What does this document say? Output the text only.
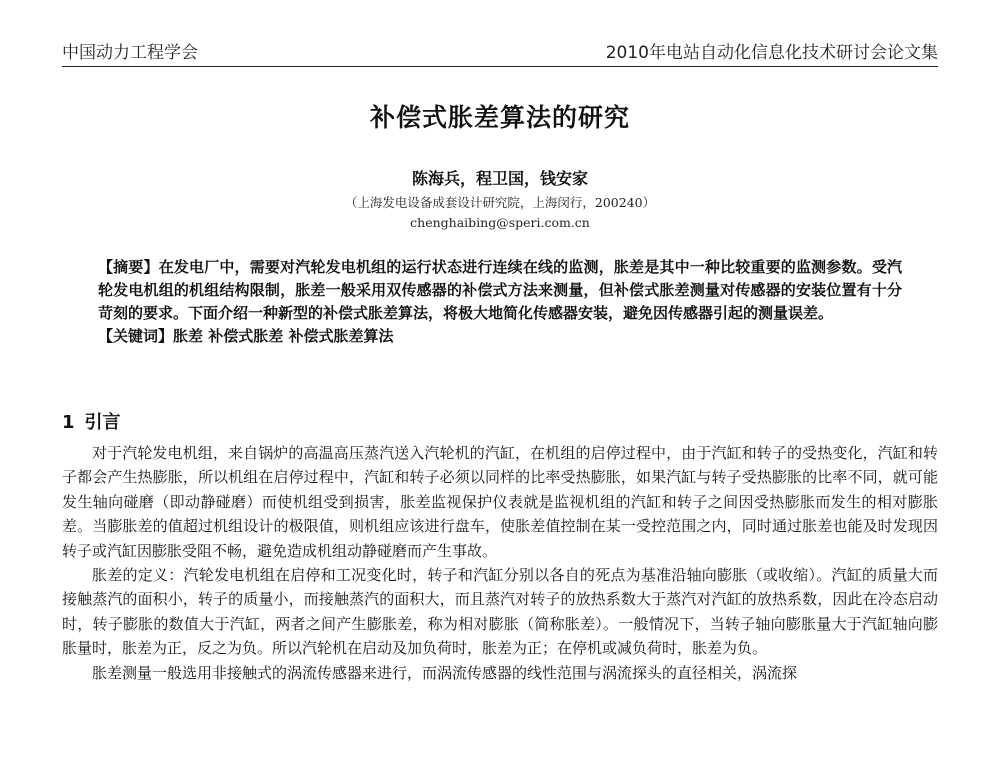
中国动力工程学会	2010年电站自动化信息化技术研讨会论文集
补偿式胀差算法的研究
陈海兵，程卫国，钱安家
（上海发电设备成套设计研究院，上海闵行，200240）
chenghaibing@speri.com.cn

【摘要】在发电厂中，需要对汽轮发电机组的运行状态进行连续在线的监测，胀差是其中一种比较重要的监测参数。受汽轮发电机组的机组结构限制，胀差一般采用双传感器的补偿式方法来测量，但补偿式胀差测量对传感器的安装位置有十分苛刻的要求。下面介绍一种新型的补偿式胀差算法，将极大地简化传感器安装，避免因传感器引起的测量误差。

【关键词】胀差 补偿式胀差 补偿式胀差算法

1 引言

对于汽轮发电机组，来自锅炉的高温高压蒸汽送入汽轮机的汽缸，在机组的启停过程中，由于汽缸和转子的受热变化，汽缸和转子都会产生热膨胀，所以机组在启停过程中，汽缸和转子必须以同样的比率受热膨胀，如果汽缸与转子受热膨胀的比率不同，就可能发生轴向碰磨（即动静碰磨）而使机组受到损害，胀差监视保护仪表就是监视机组的汽缸和转子之间因受热膨胀而发生的相对膨胀差。当膨胀差的值超过机组设计的极限值，则机组应该进行盘车，使胀差值控制在某一受控范围之内，同时通过胀差也能及时发现因转子或汽缸因膨胀受阻不畅，避免造成机组动静碰磨而产生事故。

胀差的定义：汽轮发电机组在启停和工况变化时，转子和汽缸分别以各自的死点为基准沿轴向膨胀（或收缩）。汽缸的质量大而接触蒸汽的面积小，转子的质量小，而接触蒸汽的面积大，而且蒸汽对转子的放热系数大于蒸汽对汽缸的放热系数，因此在冷态启动时，转子膨胀的数值大于汽缸，两者之间产生膨胀差，称为相对膨胀（简称胀差）。一般情况下，当转子轴向膨胀量大于汽缸轴向膨胀量时，胀差为正，反之为负。所以汽轮机在启动及加负荷时，胀差为正；在停机或减负荷时，胀差为负。

胀差测量一般选用非接触式的涡流传感器来进行，而涡流传感器的线性范围与涡流探头的直径相关，涡流探
